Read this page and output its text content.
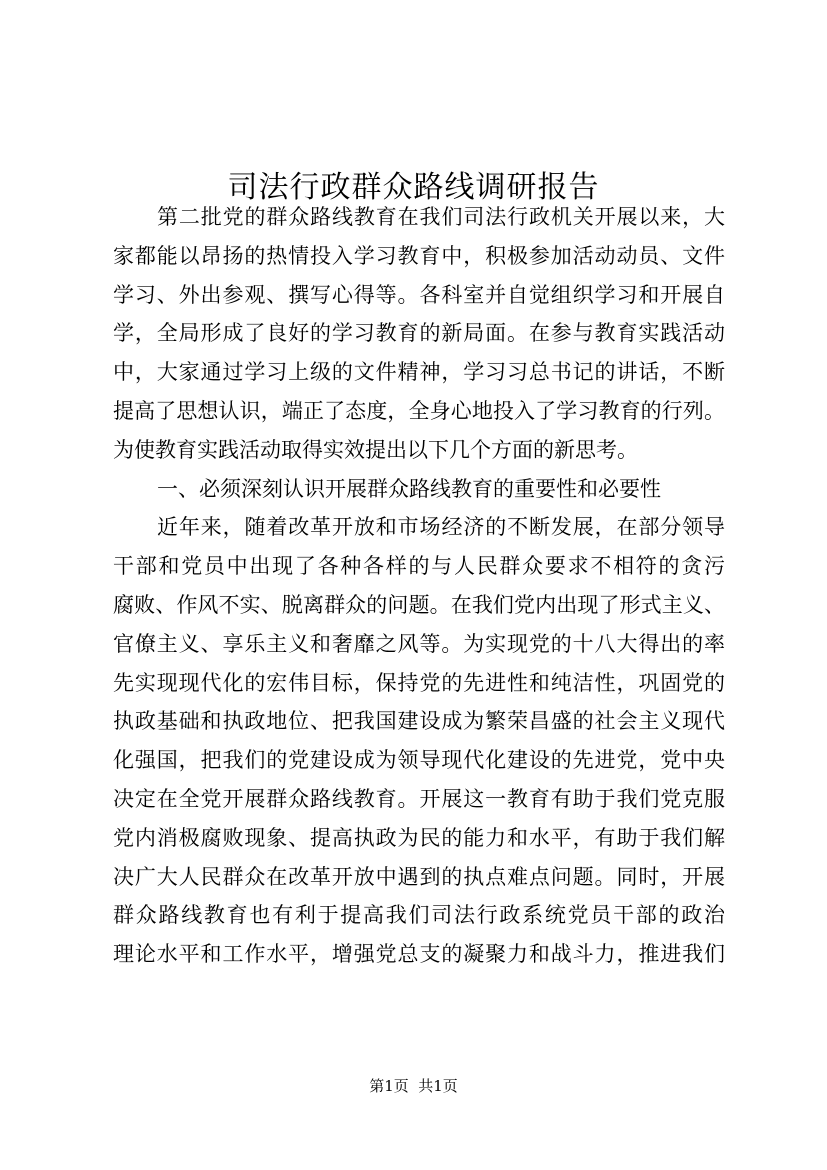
司法行政群众路线调研报告
第二批党的群众路线教育在我们司法行政机关开展以来，大
家都能以昂扬的热情投入学习教育中，积极参加活动动员、文件
学习、外出参观、撰写心得等。各科室并自觉组织学习和开展自
学，全局形成了良好的学习教育的新局面。在参与教育实践活动
中，大家通过学习上级的文件精神，学习习总书记的讲话，不断
提高了思想认识，端正了态度，全身心地投入了学习教育的行列。
为使教育实践活动取得实效提出以下几个方面的新思考。
一、必须深刻认识开展群众路线教育的重要性和必要性
近年来，随着改革开放和市场经济的不断发展，在部分领导
干部和党员中出现了各种各样的与人民群众要求不相符的贪污
腐败、作风不实、脱离群众的问题。在我们党内出现了形式主义、
官僚主义、享乐主义和奢靡之风等。为实现党的十八大得出的率
先实现现代化的宏伟目标，保持党的先进性和纯洁性，巩固党的
执政基础和执政地位、把我国建设成为繁荣昌盛的社会主义现代
化强国，把我们的党建设成为领导现代化建设的先进党，党中央
决定在全党开展群众路线教育。开展这一教育有助于我们党克服
党内消极腐败现象、提高执政为民的能力和水平，有助于我们解
决广大人民群众在改革开放中遇到的执点难点问题。同时，开展
群众路线教育也有利于提高我们司法行政系统党员干部的政治
理论水平和工作水平，增强党总支的凝聚力和战斗力，推进我们
第1页  共1页
